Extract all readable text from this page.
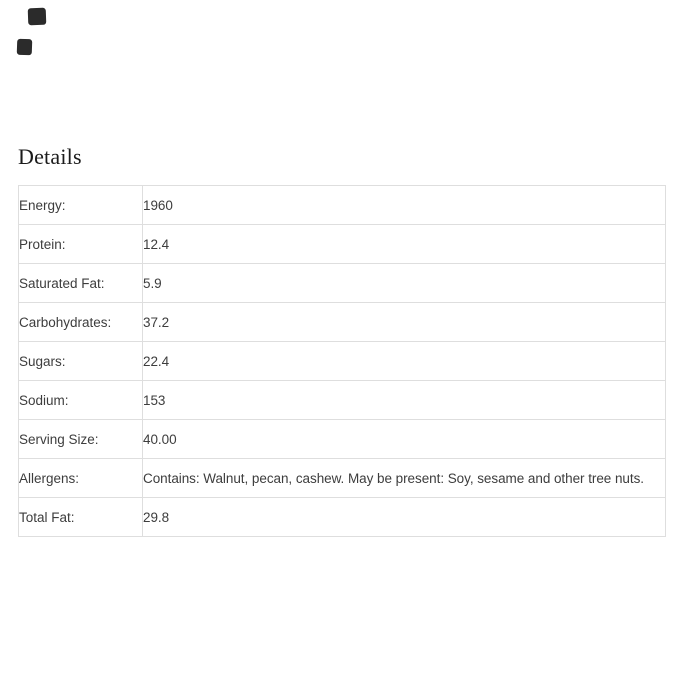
Details
Energy:	1960
Protein:	12.4
Saturated Fat:	5.9
Carbohydrates:	37.2
Sugars:	22.4
Sodium:	153
Serving Size:	40.00
Allergens:	Contains: Walnut, pecan, cashew. May be present: Soy, sesame and other tree nuts.
Total Fat:	29.8
